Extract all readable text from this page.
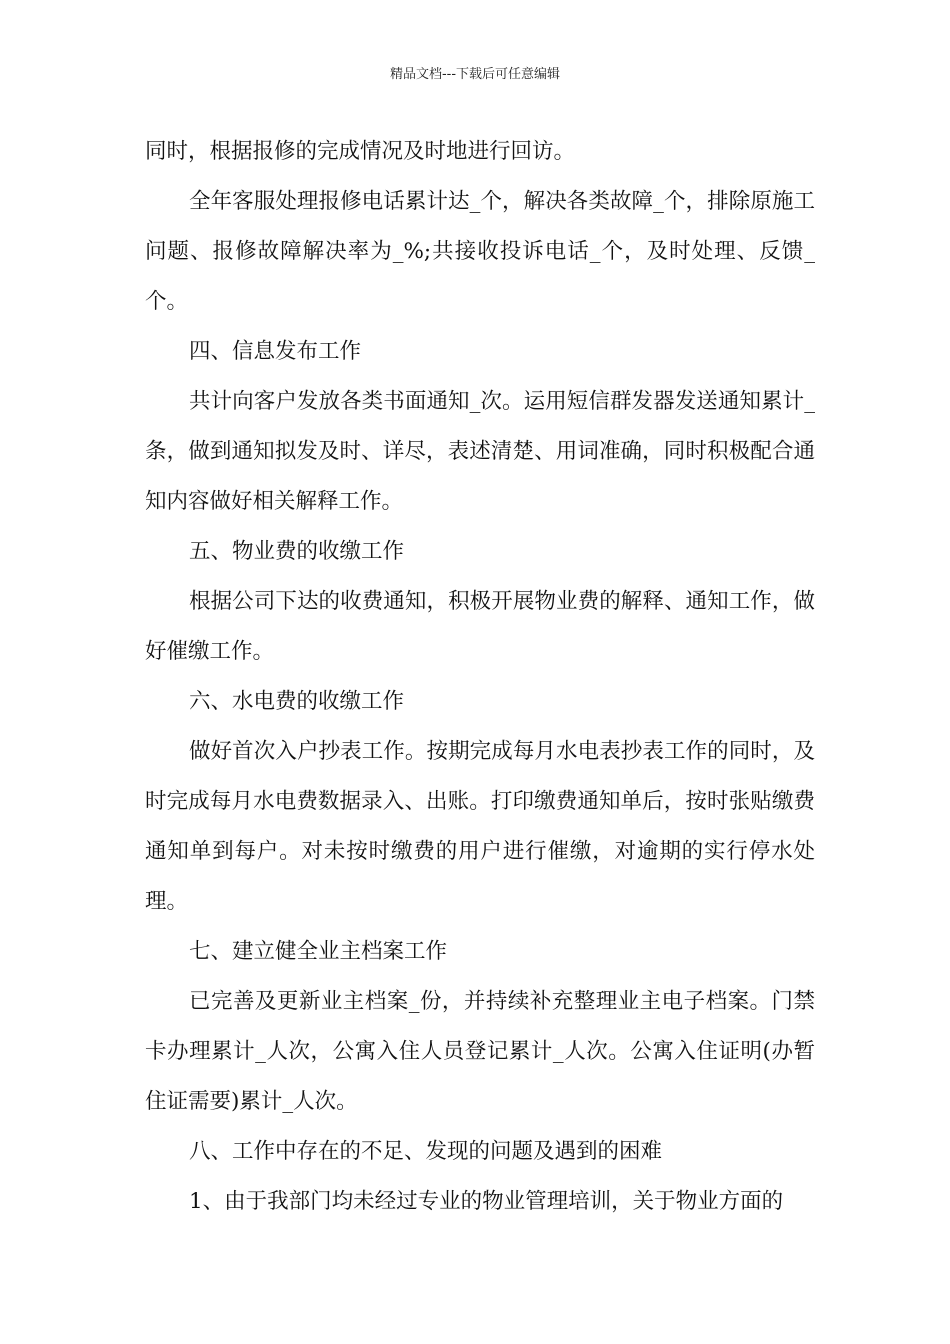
精品文档---下载后可任意编辑

同时，根据报修的完成情况及时地进行回访。

全年客服处理报修电话累计达_个，解决各类故障_个，排除原施工问题、报修故障解决率为_%;共接收投诉电话_个，及时处理、反馈_个。

四、信息发布工作

共计向客户发放各类书面通知_次。运用短信群发器发送通知累计_条，做到通知拟发及时、详尽，表述清楚、用词准确，同时积极配合通知内容做好相关解释工作。

五、物业费的收缴工作

根据公司下达的收费通知，积极开展物业费的解释、通知工作，做好催缴工作。

六、水电费的收缴工作

做好首次入户抄表工作。按期完成每月水电表抄表工作的同时，及时完成每月水电费数据录入、出账。打印缴费通知单后，按时张贴缴费通知单到每户。对未按时缴费的用户进行催缴，对逾期的实行停水处理。

七、建立健全业主档案工作

已完善及更新业主档案_份，并持续补充整理业主电子档案。门禁卡办理累计_人次，公寓入住人员登记累计_人次。公寓入住证明(办暂住证需要)累计_人次。

八、工作中存在的不足、发现的问题及遇到的困难

1、由于我部门均未经过专业的物业管理培训，关于物业方面的
